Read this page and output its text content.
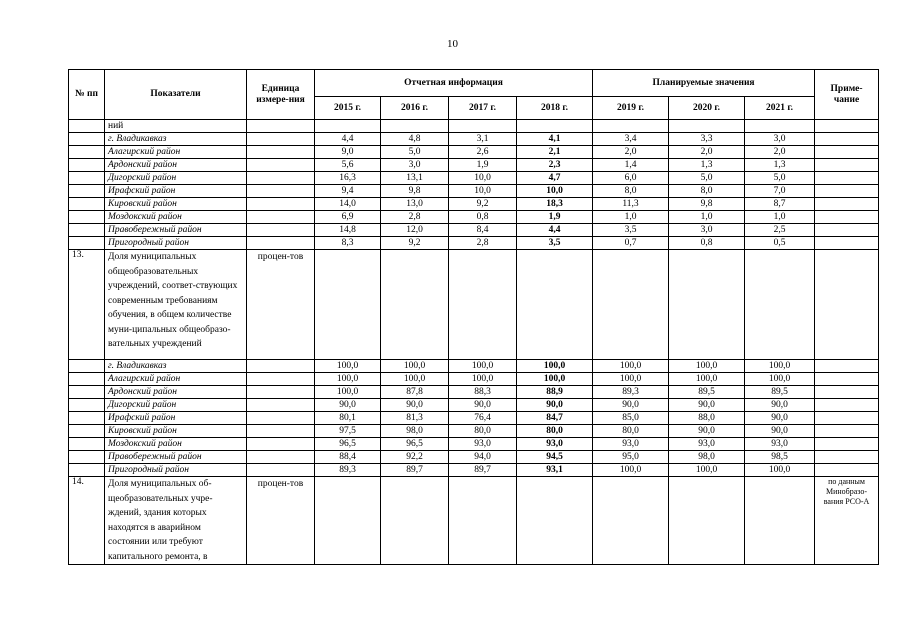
10
№ пп	Показатели	Единица измере-ния	Отчетная информация				Планируемые значения			Приме-чание
			2015 г.	2016 г.	2017 г.	2018 г.	2019 г.	2020 г.	2021 г.	
	ний									
	г. Владикавказ		4,4	4,8	3,1	4,1	3,4	3,3	3,0	
	Алагирский район		9,0	5,0	2,6	2,1	2,0	2,0	2,0	
	Ардонский район		5,6	3,0	1,9	2,3	1,4	1,3	1,3	
	Дигорский район		16,3	13,1	10,0	4,7	6,0	5,0	5,0	
	Ирафский район		9,4	9,8	10,0	10,0	8,0	8,0	7,0	
	Кировский район		14,0	13,0	9,2	18,3	11,3	9,8	8,7	
	Моздокский район		6,9	2,8	0,8	1,9	1,0	1,0	1,0	
	Правобережный район		14,8	12,0	8,4	4,4	3,5	3,0	2,5	
	Пригородный район		8,3	9,2	2,8	3,5	0,7	0,8	0,5	
13.	Доля муниципальных общеобразовательных учреждений, соответ-ствующих современным требованиям обучения, в общем количестве муни-ципальных общеобразо-вательных учреждений	процен-тов								
	г. Владикавказ		100,0	100,0	100,0	100,0	100,0	100,0	100,0	
	Алагирский район		100,0	100,0	100,0	100,0	100,0	100,0	100,0	
	Ардонский район		100,0	87,8	88,3	88,9	89,3	89,5	89,5	
	Дигорский район		90,0	90,0	90,0	90,0	90,0	90,0	90,0	
	Ирафский район		80,1	81,3	76,4	84,7	85,0	88,0	90,0	
	Кировский район		97,5	98,0	80,0	80,0	80,0	90,0	90,0	
	Моздокский район		96,5	96,5	93,0	93,0	93,0	93,0	93,0	
	Правобережный район		88,4	92,2	94,0	94,5	95,0	98,0	98,5	
	Пригородный район		89,3	89,7	89,7	93,1	100,0	100,0	100,0	
14.	Доля муниципальных об-щеобразовательных учре-ждений, здания которых находятся в аварийном состоянии или требуют капитального ремонта, в	процен-тов								по данным Минобразо-вания РСО-А
